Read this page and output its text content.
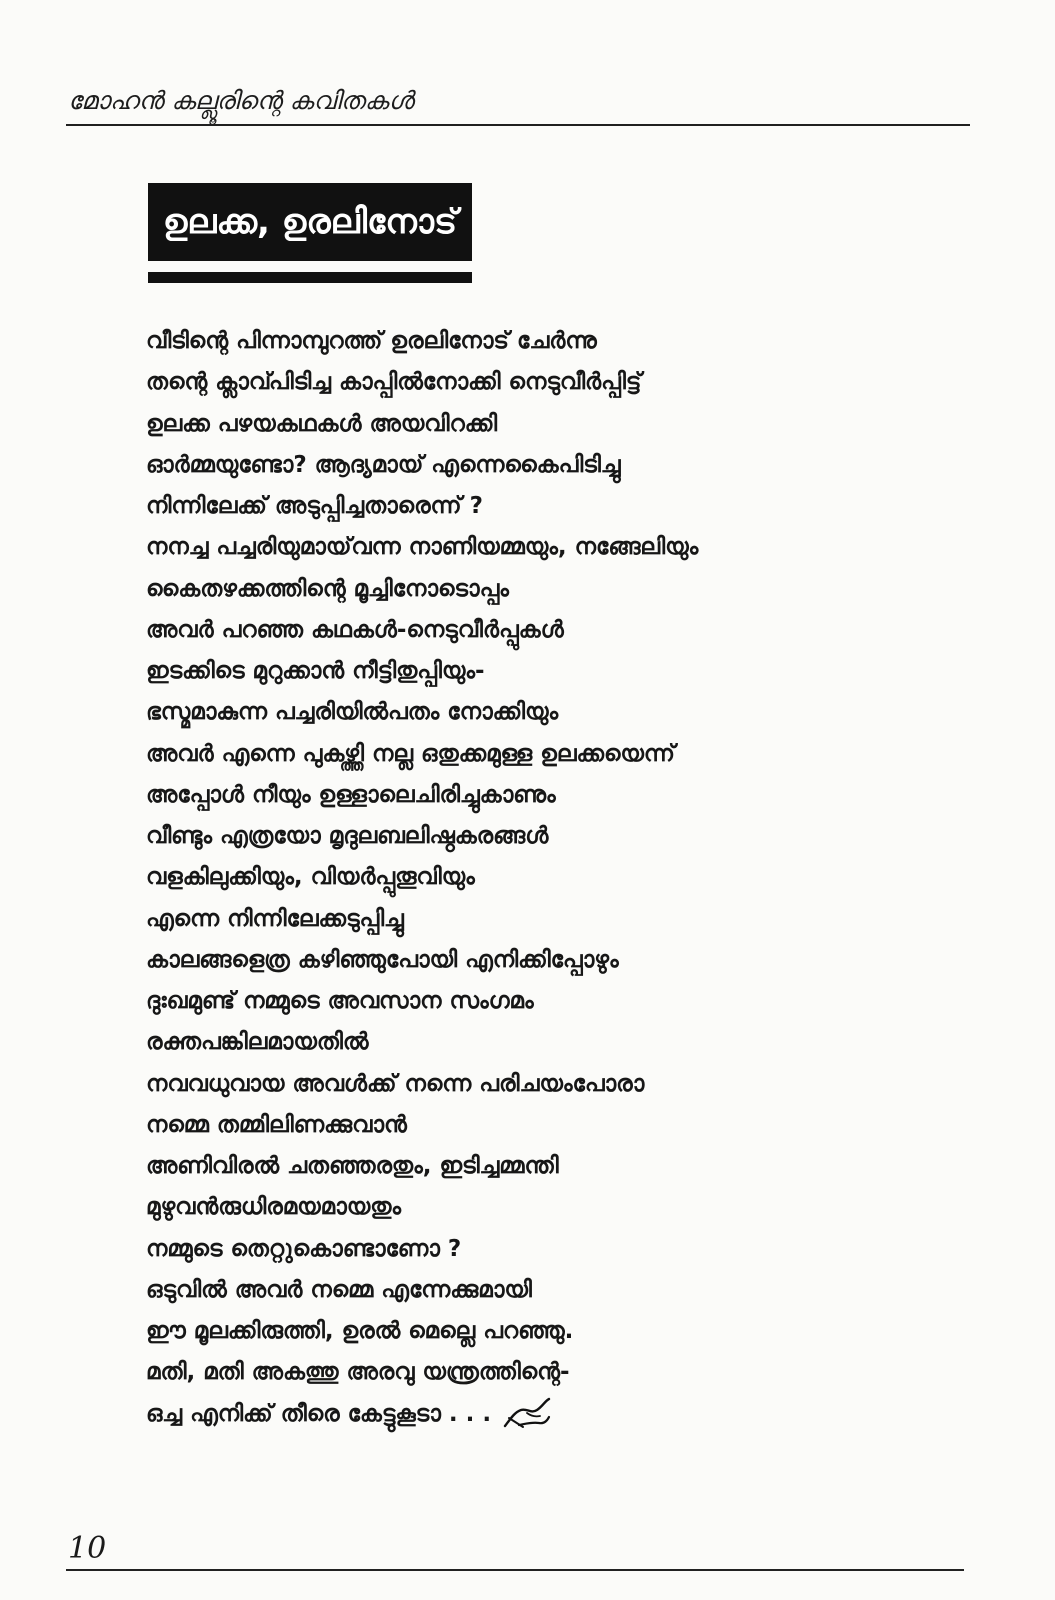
മോഹൻ കല്ലൂരിന്റെ കവിതകൾ
ഉലക്ക, ഉരലിനോട്
വീടിന്റെ പിന്നാമ്പുറത്ത് ഉരലിനോട് ചേർന്നു
തന്റെ ക്ലാവ്പിടിച്ച കാപ്പിൽനോക്കി നെടുവീർപ്പിട്ട്
ഉലക്ക പഴയകഥകൾ അയവിറക്കി
ഓർമ്മയുണ്ടോ? ആദ്യമായ് എന്നെകൈപിടിച്ചു
നിന്നിലേക്ക് അടുപ്പിച്ചതാരെന്ന് ?
നനച്ച പച്ചരിയുമായ്‌വന്ന നാണിയമ്മയും, നങ്ങേലിയും
കൈതഴക്കത്തിന്റെ മൂച്ചിനോടൊപ്പം
അവർ പറഞ്ഞ കഥകൾ-നെടുവീർപ്പുകൾ
ഇടക്കിടെ മുറുക്കാൻ നീട്ടിതുപ്പിയും-
ഭസ്മമാകുന്ന പച്ചരിയിൽപതം നോക്കിയും
അവർ എന്നെ പുകഴ്ത്തി നല്ല ഒതുക്കമുള്ള ഉലക്കയെന്ന്
അപ്പോൾ നീയും ഉള്ളാലെചിരിച്ചുകാണും
വീണ്ടും എത്രയോ മൃദുലബലിഷ്ഠകരങ്ങൾ
വളകിലുക്കിയും, വിയർപ്പുതൂവിയും
എന്നെ നിന്നിലേക്കടുപ്പിച്ചു
കാലങ്ങളെത്ര കഴിഞ്ഞുപോയി എനിക്കിപ്പോഴും
ദുഃഖമുണ്ട് നമ്മുടെ അവസാന സംഗമം
രക്തപങ്കിലമായതിൽ
നവവധുവായ അവൾക്ക് നന്നെ പരിചയംപോരാ
നമ്മെ തമ്മിലിണക്കുവാൻ
അണിവിരൽ ചതഞ്ഞരതും, ഇടിച്ചമ്മന്തി
മുഴുവൻരുധിരമയമായതും
നമ്മുടെ തെറ്റുകൊണ്ടാണോ ?
ഒടുവിൽ അവർ നമ്മെ എന്നേക്കുമായി
ഈ മൂലക്കിരുത്തി, ഉരൽ മെല്ലെ പറഞ്ഞു.
മതി, മതി അകത്തു അരവു യന്ത്രത്തിന്റെ-
ഒച്ച എനിക്ക് തീരെ കേട്ടുകൂടാ . . .
10
